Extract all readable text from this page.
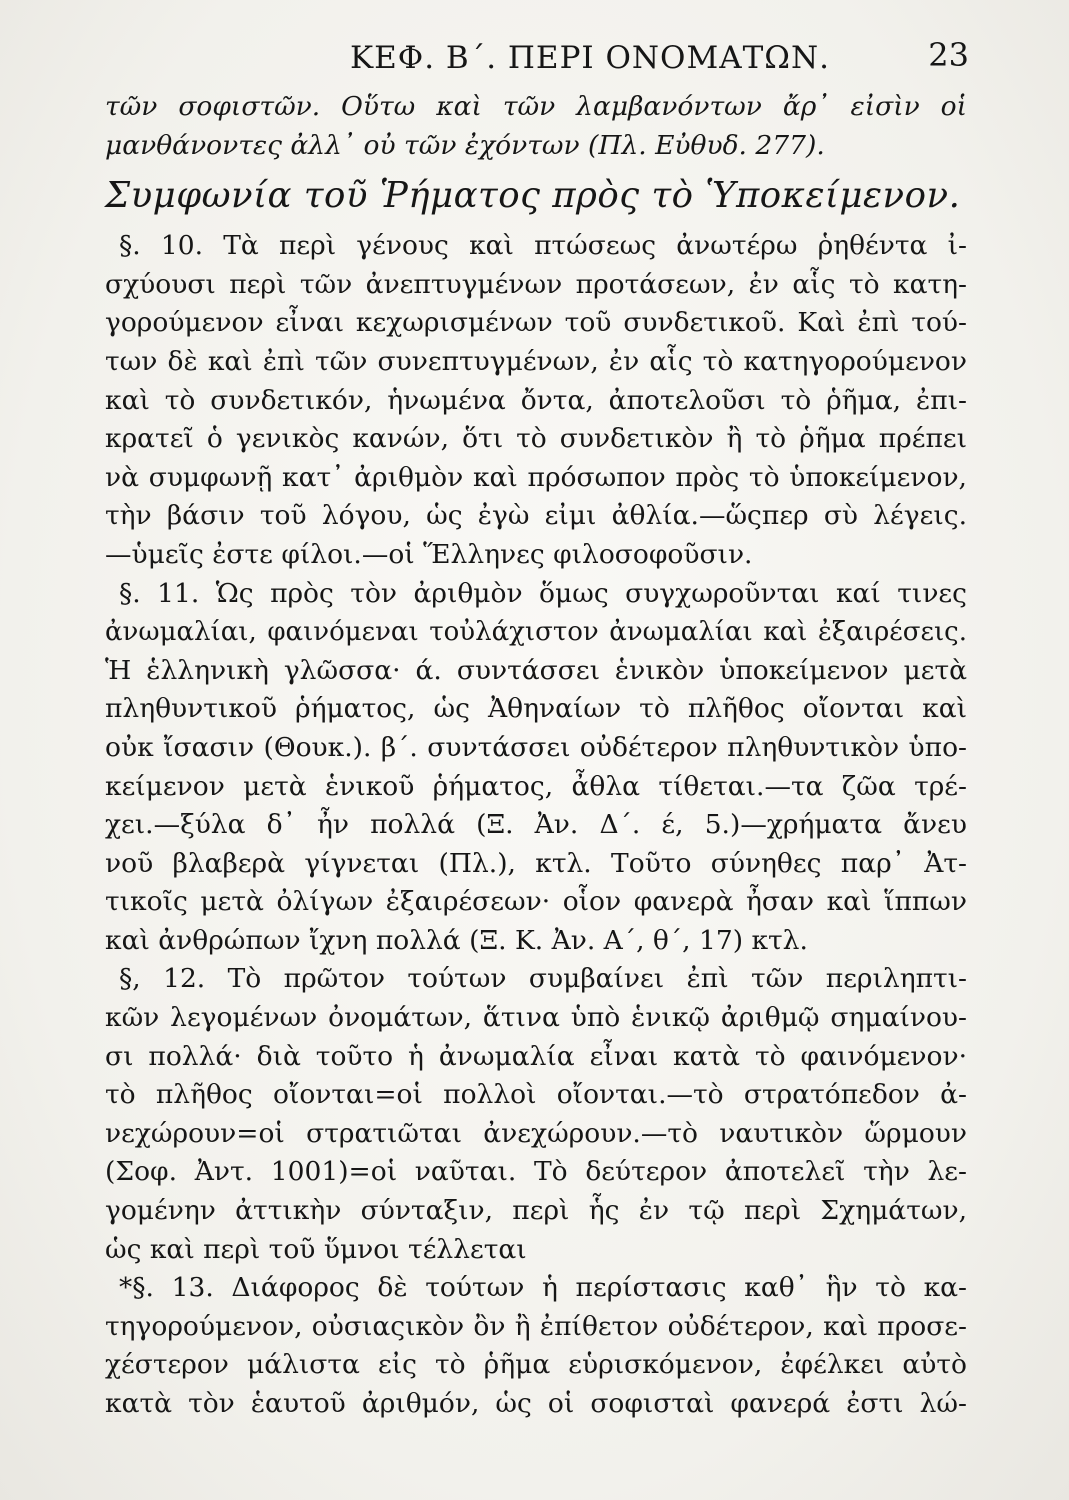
ΚΕΦ. Β΄. ΠΕΡΙ ΟΝΟΜΑΤΩΝ.	23
τῶν σοφιστῶν. Οὕτω καὶ τῶν λαμβανόντων ἄρ᾽ εἰσὶν οἱ
μανθάνοντες ἀλλ᾽ οὐ τῶν ἐχόντων (Πλ. Εὐθυδ. 277).
Συμφωνία τοῦ Ῥήματος πρὸς τὸ Ὑποκείμενον.
§. 10. Τὰ περὶ γένους καὶ πτώσεως ἀνωτέρω ῥηθέντα ἰ-
σχύουσι περὶ τῶν ἀνεπτυγμένων προτάσεων, ἐν αἷς τὸ κατη-
γορούμενον εἶναι κεχωρισμένων τοῦ συνδετικοῦ. Καὶ ἐπὶ τού-
των δὲ καὶ ἐπὶ τῶν συνεπτυγμένων, ἐν αἷς τὸ κατηγορούμενον
καὶ τὸ συνδετικόν, ἡνωμένα ὄντα, ἀποτελοῦσι τὸ ῥῆμα, ἐπι-
κρατεῖ ὁ γενικὸς κανών, ὅτι τὸ συνδετικὸν ἢ τὸ ῥῆμα πρέπει
νὰ συμφωνῇ κατ᾽ ἀριθμὸν καὶ πρόσωπον πρὸς τὸ ὑποκείμενον,
τὴν βάσιν τοῦ λόγου, ὡς ἐγὼ εἰμι ἀθλία.—ὥςπερ σὺ λέγεις.
—ὑμεῖς ἐστε φίλοι.—οἱ Ἕλληνες φιλοσοφοῦσιν.
§. 11. Ὡς πρὸς τὸν ἀριθμὸν ὅμως συγχωροῦνται καί τινες
ἀνωμαλίαι, φαινόμεναι τοὐλάχιστον ἀνωμαλίαι καὶ ἐξαιρέσεις.
Ἡ ἑλληνικὴ γλῶσσα· ά. συντάσσει ἑνικὸν ὑποκείμενον μετὰ
πληθυντικοῦ ῥήματος, ὡς Ἀθηναίων τὸ πλῆθος οἴονται καὶ
οὐκ ἴσασιν (Θουκ.). β΄. συντάσσει οὐδέτερον πληθυντικὸν ὑπο-
κείμενον μετὰ ἑνικοῦ ῥήματος, ἆθλα τίθεται.—τα ζῶα τρέ-
χει.—ξύλα δ᾽ ἦν πολλά (Ξ. Ἀν. Δ΄. έ, 5.)—χρήματα ἄνευ
νοῦ βλαβερὰ γίγνεται (Πλ.), κτλ. Τοῦτο σύνηθες παρ᾽ Ἀτ-
τικοῖς μετὰ ὀλίγων ἐξαιρέσεων· οἷον φανερὰ ἦσαν καὶ ἵππων
καὶ ἀνθρώπων ἴχνη πολλά (Ξ. Κ. Ἀν. Α΄, θ΄, 17) κτλ.
§, 12. Τὸ πρῶτον τούτων συμβαίνει ἐπὶ τῶν περιληπτι-
κῶν λεγομένων ὀνομάτων, ἅτινα ὑπὸ ἑνικῷ ἀριθμῷ σημαίνου-
σι πολλά· διὰ τοῦτο ἡ ἀνωμαλία εἶναι κατὰ τὸ φαινόμενον·
τὸ πλῆθος οἴονται=οἱ πολλοὶ οἴονται.—τὸ στρατόπεδον ἀ-
νεχώρουν=οἱ στρατιῶται ἀνεχώρουν.—τὸ ναυτικὸν ὥρμουν
(Σοφ. Ἀντ. 1001)=οἱ ναῦται. Τὸ δεύτερον ἀποτελεῖ τὴν λε-
γομένην ἀττικὴν σύνταξιν, περὶ ἧς ἐν τῷ περὶ Σχημάτων,
ὡς καὶ περὶ τοῦ ὕμνοι τέλλεται
*§. 13. Διάφορος δὲ τούτων ἡ περίστασις καθ᾽ ἣν τὸ κα-
τηγορούμενον, οὐσιαςικὸν ὂν ἢ ἐπίθετον οὐδέτερον, καὶ προσε-
χέστερον μάλιστα εἰς τὸ ῥῆμα εὑρισκόμενον, ἐφέλκει αὐτὸ
κατὰ τὸν ἑαυτοῦ ἀριθμόν, ὡς οἱ σοφισταὶ φανερά ἐστι λώ-
